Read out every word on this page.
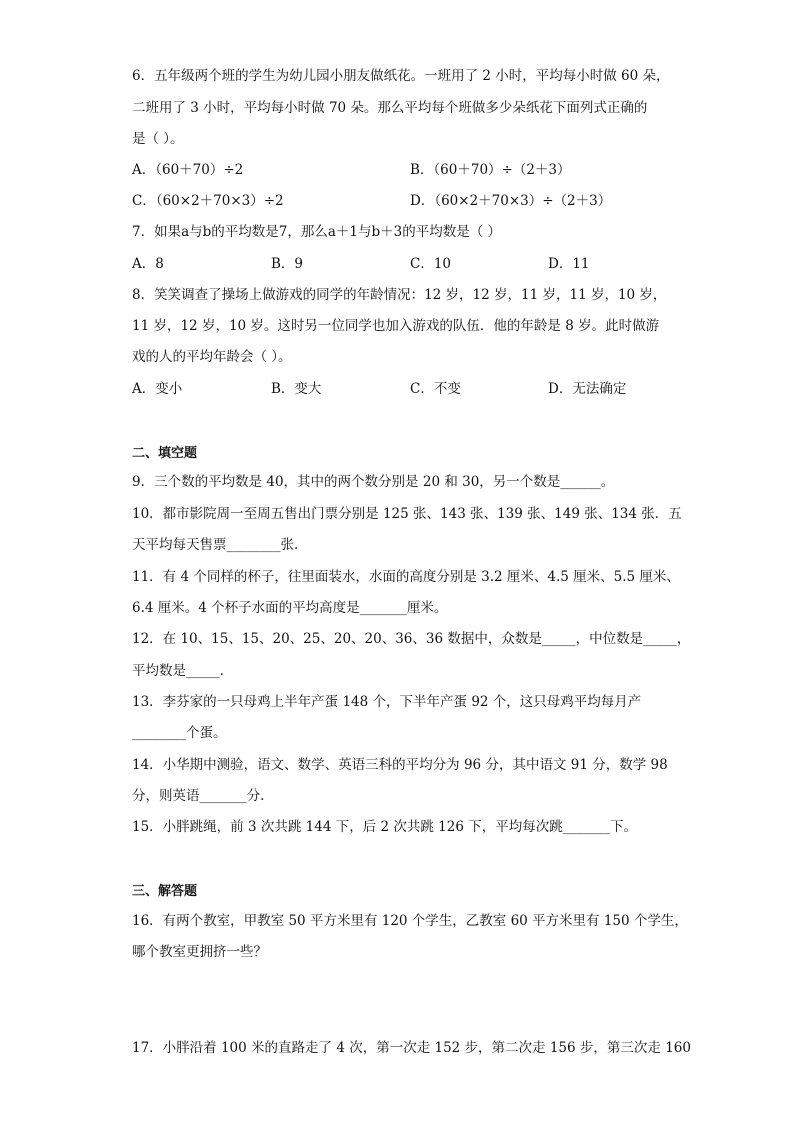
6．五年级两个班的学生为幼儿园小朋友做纸花。一班用了 2 小时，平均每小时做 60 朵，
二班用了 3 小时，平均每小时做 70 朵。那么平均每个班做多少朵纸花下面列式正确的
是（ ）。
A．（60＋70）÷2	B．（60＋70）÷（2＋3）
C．（60×2＋70×3）÷2	D．（60×2＋70×3）÷（2＋3）
7．如果a与b的平均数是7，那么a＋1与b＋3的平均数是（ ）
A．8	B．9	C．10	D．11
8．笑笑调查了操场上做游戏的同学的年龄情况：12 岁，12 岁，11 岁，11 岁，10 岁，
11 岁，12 岁，10 岁。这时另一位同学也加入游戏的队伍．他的年龄是 8 岁。此时做游
戏的人的平均年龄会（ ）。
A．变小	B．变大	C．不变	D．无法确定
二、填空题
9．三个数的平均数是 40，其中的两个数分别是 20 和 30，另一个数是______。
10．都市影院周一至周五售出门票分别是 125 张、143 张、139 张、149 张、134 张．五
天平均每天售票________张．
11．有 4 个同样的杯子，往里面装水，水面的高度分别是 3.2 厘米、4.5 厘米、5.5 厘米、
6.4 厘米。4 个杯子水面的平均高度是_______厘米。
12．在 10、15、15、20、25、20、20、36、36 数据中，众数是_____，中位数是_____，
平均数是_____．
13．李芬家的一只母鸡上半年产蛋 148 个，下半年产蛋 92 个，这只母鸡平均每月产
________个蛋。
14．小华期中测验，语文、数学、英语三科的平均分为 96 分，其中语文 91 分，数学 98
分，则英语_______分．
15．小胖跳绳，前 3 次共跳 144 下，后 2 次共跳 126 下，平均每次跳_______下。
三、解答题
16．有两个教室，甲教室 50 平方米里有 120 个学生，乙教室 60 平方米里有 150 个学生，
哪个教室更拥挤一些？
17．小胖沿着 100 米的直路走了 4 次，第一次走 152 步，第二次走 156 步，第三次走 160
